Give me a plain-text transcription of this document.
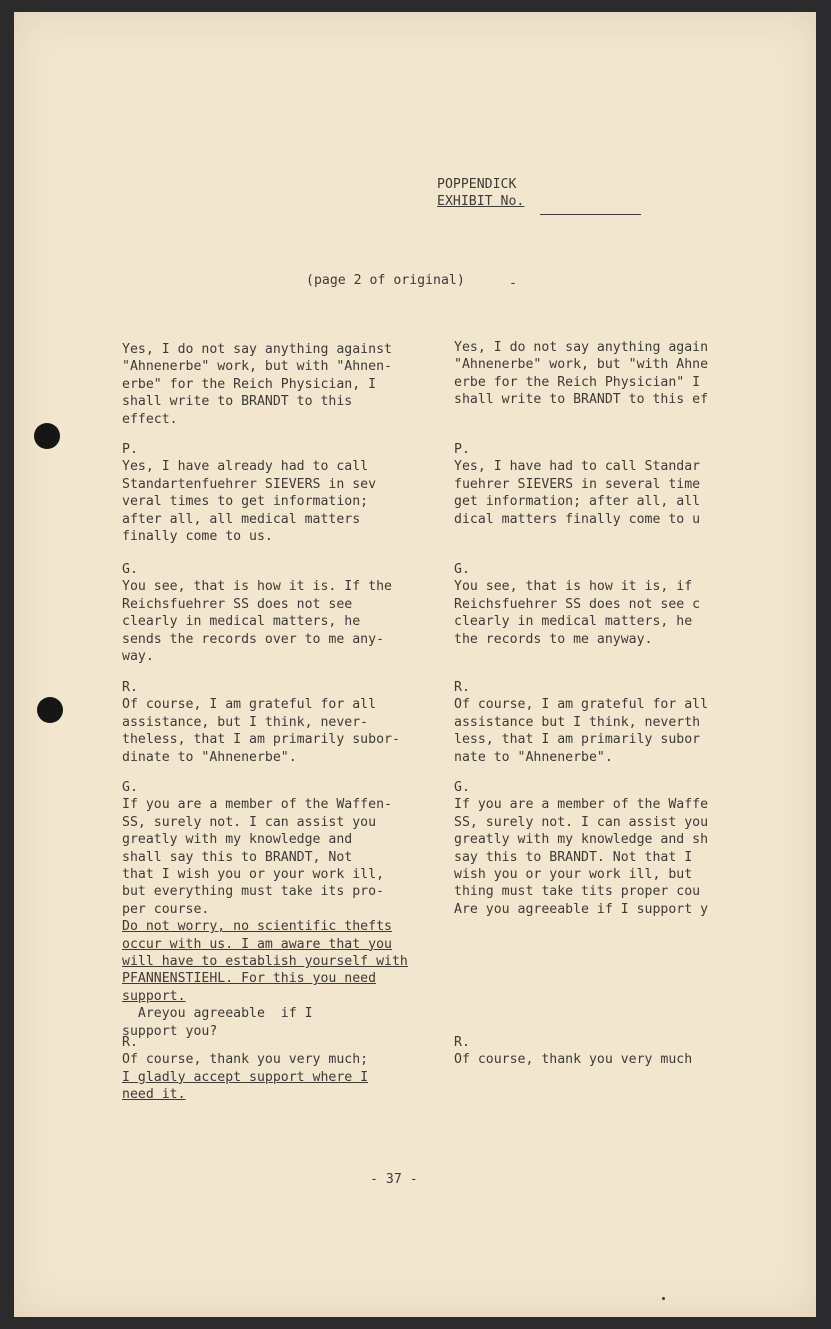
POPPENDICK
EXHIBIT No.
(page 2 of original)	-
Yes, I do not say anything against
"Ahnenerbe" work, but with "Ahnen-
erbe" for the Reich Physician, I
shall write to BRANDT to this
effect.
P.
Yes, I have already had to call
Standartenfuehrer SIEVERS in sev
veral times to get information;
after all, all medical matters
finally come to us.
G.
You see, that is how it is. If the
Reichsfuehrer SS does not see
clearly in medical matters, he
sends the records over to me any-
way.
R.
Of course, I am grateful for all
assistance, but I think, never-
theless, that I am primarily subor-
dinate to "Ahnenerbe".
G.
If you are a member of the Waffen-
SS, surely not. I can assist you
greatly with my knowledge and
shall say this to BRANDT, Not
that I wish you or your work ill,
but everything must take its pro-
per course.
Do not worry, no scientific thefts
occur with us. I am aware that you
will have to establish yourself with
PFANNENSTIEHL. For this you need
support.
Areyou agreeable  if I
support you?
R.
Of course, thank you very much;
I gladly accept support where I
need it.
Yes, I do not say anything again
"Ahnenerbe" work, but "with Ahne
erbe for the Reich Physician" I
shall write to BRANDT to this ef
P.
Yes, I have had to call Standar
fuehrer SIEVERS in several time
get information; after all, all
dical matters finally come to u
G.
You see, that is how it is, if
Reichsfuehrer SS does not see c
clearly in medical matters, he
the records to me anyway.
R.
Of course, I am grateful for all
assistance but I think, neverth
less, that I am primarily subor
nate to "Ahnenerbe".
G.
If you are a member of the Waffe
SS, surely not. I can assist you
greatly with my knowledge and sh
say this to BRANDT. Not that I
wish you or your work ill, but
thing must take tits proper cou
Are you agreeable if I support y
R.
Of course, thank you very much
- 37 -
